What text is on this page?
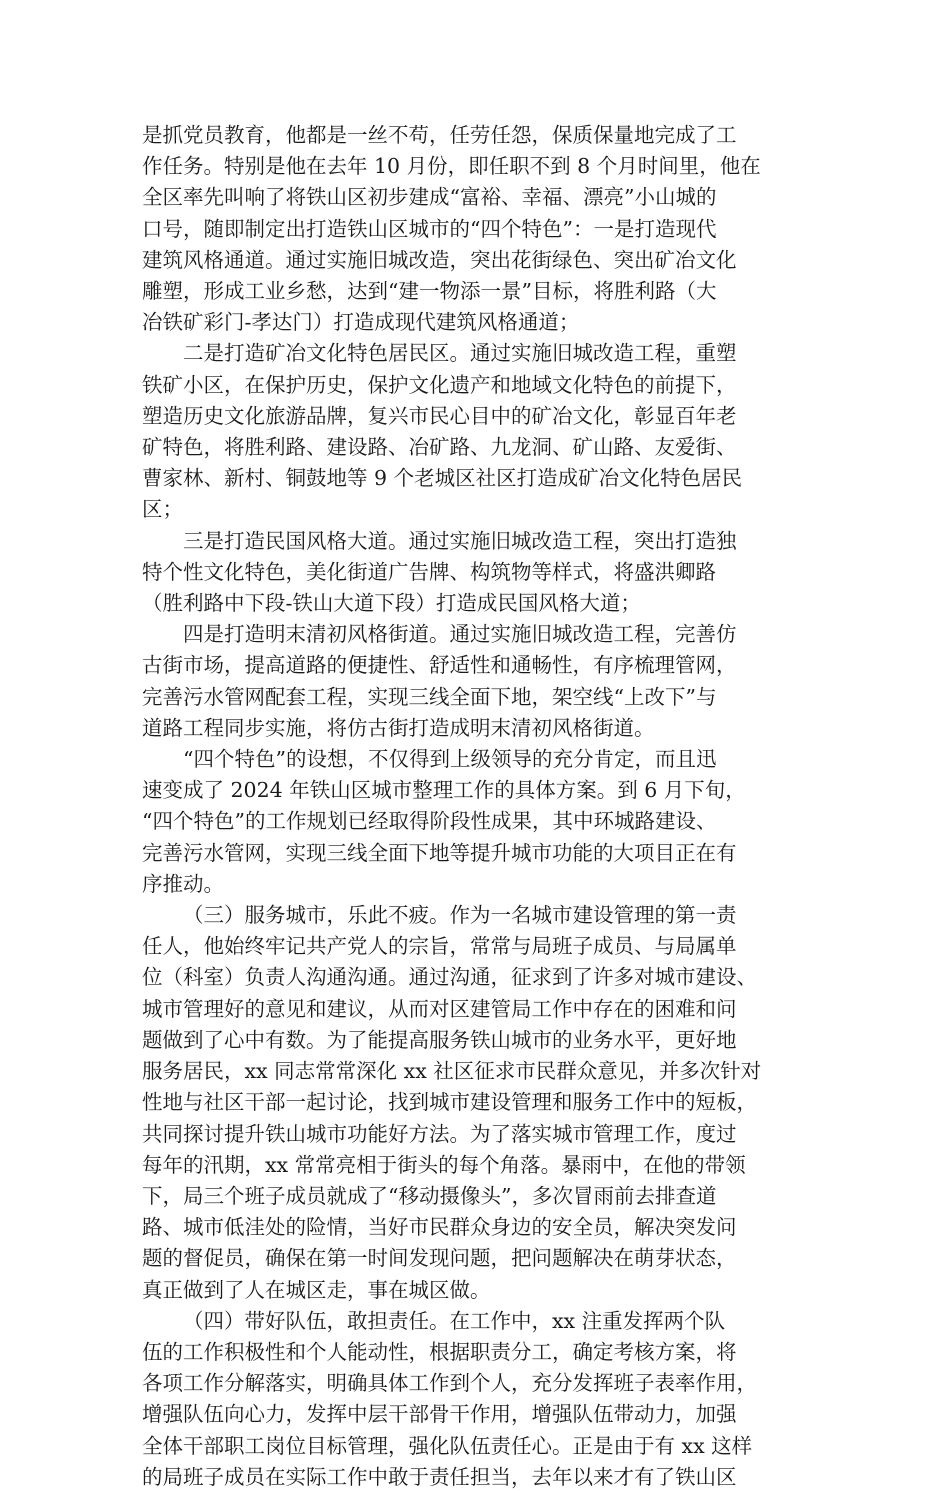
是抓党员教育，他都是一丝不苟，任劳任怨，保质保量地完成了工
作任务。特别是他在去年 10 月份，即任职不到 8 个月时间里，他在
全区率先叫响了将铁山区初步建成“富裕、幸福、漂亮”小山城的
口号，随即制定出打造铁山区城市的“四个特色”：一是打造现代
建筑风格通道。通过实施旧城改造，突出花街绿色、突出矿冶文化
雕塑，形成工业乡愁，达到“建一物添一景”目标，将胜利路（大
冶铁矿彩门-孝达门）打造成现代建筑风格通道；

二是打造矿冶文化特色居民区。通过实施旧城改造工程，重塑
铁矿小区，在保护历史，保护文化遗产和地域文化特色的前提下，
塑造历史文化旅游品牌，复兴市民心目中的矿冶文化，彰显百年老
矿特色，将胜利路、建设路、冶矿路、九龙洞、矿山路、友爱街、
曹家林、新村、铜鼓地等 9 个老城区社区打造成矿冶文化特色居民
区；

三是打造民国风格大道。通过实施旧城改造工程，突出打造独
特个性文化特色，美化街道广告牌、构筑物等样式，将盛洪卿路
（胜利路中下段-铁山大道下段）打造成民国风格大道；

四是打造明末清初风格街道。通过实施旧城改造工程，完善仿
古街市场，提高道路的便捷性、舒适性和通畅性，有序梳理管网，
完善污水管网配套工程，实现三线全面下地，架空线“上改下”与
道路工程同步实施，将仿古街打造成明末清初风格街道。

“四个特色”的设想，不仅得到上级领导的充分肯定，而且迅
速变成了 2024 年铁山区城市整理工作的具体方案。到 6 月下旬，
“四个特色”的工作规划已经取得阶段性成果，其中环城路建设、
完善污水管网，实现三线全面下地等提升城市功能的大项目正在有
序推动。

（三）服务城市，乐此不疲。作为一名城市建设管理的第一责
任人，他始终牢记共产党人的宗旨，常常与局班子成员、与局属单
位（科室）负责人沟通沟通。通过沟通，征求到了许多对城市建设、
城市管理好的意见和建议，从而对区建管局工作中存在的困难和问
题做到了心中有数。为了能提高服务铁山城市的业务水平，更好地
服务居民，xx 同志常常深化 xx 社区征求市民群众意见，并多次针对
性地与社区干部一起讨论，找到城市建设管理和服务工作中的短板，
共同探讨提升铁山城市功能好方法。为了落实城市管理工作，度过
每年的汛期，xx 常常亮相于街头的每个角落。暴雨中，在他的带领
下，局三个班子成员就成了“移动摄像头”，多次冒雨前去排查道
路、城市低洼处的险情，当好市民群众身边的安全员，解决突发问
题的督促员，确保在第一时间发现问题，把问题解决在萌芽状态，
真正做到了人在城区走，事在城区做。

（四）带好队伍，敢担责任。在工作中，xx 注重发挥两个队
伍的工作积极性和个人能动性，根据职责分工，确定考核方案，将
各项工作分解落实，明确具体工作到个人，充分发挥班子表率作用，
增强队伍向心力，发挥中层干部骨干作用，增强队伍带动力，加强
全体干部职工岗位目标管理，强化队伍责任心。正是由于有 xx 这样
的局班子成员在实际工作中敢于责任担当，去年以来才有了铁山区
